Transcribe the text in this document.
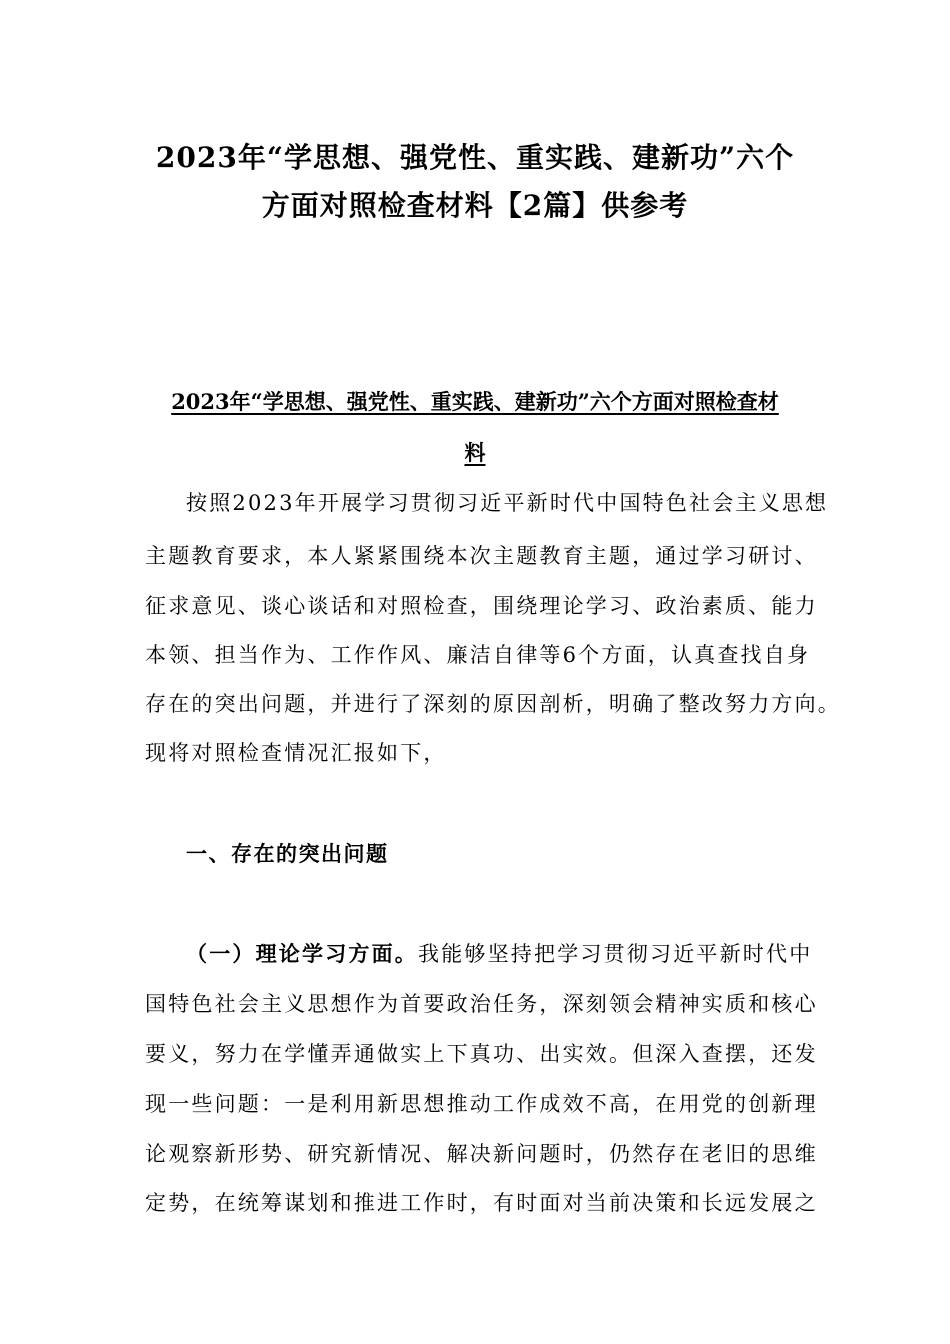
2023年“学思想、强党性、重实践、建新功”六个
方面对照检查材料【2篇】供参考
2023年“学思想、强党性、重实践、建新功”六个方面对照检查材
料
按照2023年开展学习贯彻习近平新时代中国特色社会主义思想
主题教育要求，本人紧紧围绕本次主题教育主题，通过学习研讨、
征求意见、谈心谈话和对照检查，围绕理论学习、政治素质、能力
本领、担当作为、工作作风、廉洁自律等6个方面，认真查找自身
存在的突出问题，并进行了深刻的原因剖析，明确了整改努力方向。
现将对照检查情况汇报如下，
一、存在的突出问题
（一）理论学习方面。我能够坚持把学习贯彻习近平新时代中
国特色社会主义思想作为首要政治任务，深刻领会精神实质和核心
要义，努力在学懂弄通做实上下真功、出实效。但深入查摆，还发
现一些问题：一是利用新思想推动工作成效不高，在用党的创新理
论观察新形势、研究新情况、解决新问题时，仍然存在老旧的思维
定势，在统筹谋划和推进工作时，有时面对当前决策和长远发展之
